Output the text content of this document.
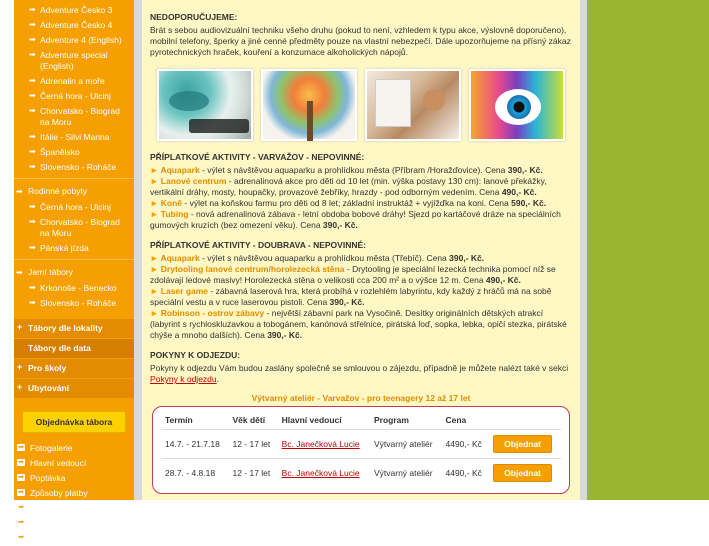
➡ Adventure Česko 3
➡ Adventure Česko 4
➡ Adventure 4 (English)
➡ Adventure special (English)
➡ Adrenalin a moře
➡ Černá hora - Ulcinj
➡ Chorvatsko - Biograd na Moru
➡ Itálie - Silvi Marina
➡ Španělsko
➡ Slovensko - Roháče
➡ Rodinné pobyty
➡ Černá hora - Ulcinj
➡ Chorvatsko - Biograd na Moru
➡ Pánská jízda
➡ Jarní tábory
➡ Krkonoše - Benecko
➡ Slovensko - Roháče
+ Tábory dle lokality
Tábory dle data
+ Pro školy
+ Ubytování
Objednávka tábora
➡ Fotogalerie
➡ Hlavní vedoucí
➡ Poptávka
➡ Způsoby platby
➡ Ke stažení
➡ Odjezdy
➡ Pokyny k odjezdu
NEDOPORUČUJEME:

Brát s sebou audiovizuální techniku všeho druhu (pokud to není, vzhledem k typu akce, výslovně doporučeno), mobilní telefony, šperky a jiné cenné předměty pouze na vlastní nebezpečí. Dále upozorňujeme na přísný zákaz pyrotechnických hraček, kouření a konzumace alkoholických nápojů.

PŘÍPLATKOVÉ AKTIVITY - VARVAŽOV - NEPOVINNÉ:
► Aquapark - výlet s návštěvou aquaparku a prohlídkou města (Příbram /Horažďovice). Cena 390,- Kč.
► Lanové centrum - adrenalinová akce pro děti od 10 let (min. výška postavy 130 cm): lanové překážky, vertikální dráhy, mosty, houpačky, provazové žebříky, hrazdy - pod odborným vedením. Cena 490,- Kč.
► Koně - výlet na koňskou farmu pro děti od 8 let; základní instruktáž + vyjížďka na koni. Cena 590,- Kč.
► Tubing - nová adrenalinová zábava - letní obdoba bobové dráhy! Sjezd po kartáčové dráze na speciálních gumových kruzích (bez omezení věku). Cena 390,- Kč.
PŘÍPLATKOVÉ AKTIVITY - DOUBRAVA - NEPOVINNÉ:
► Aquapark - výlet s návštěvou aquaparku a prohlídkou města (Třebíč). Cena 390,- Kč.
► Drytooling lanové centrum/horolezecká stěna - Drytooling je speciální lezecká technika pomocí níž se zdolávají ledové masivy! Horolezecká stěna o velikosti cca 200 m² a o výšce 12 m. Cena 490,- Kč.
► Laser game - zábavná laserová hra, která probíhá v rozlehlém labyrintu, kdy každý z hráčů má na sobě speciální vestu a v ruce laserovou pistoli. Cena 390,- Kč.
► Robinson - ostrov zábavy - největší zábavní park na Vysočině. Desítky originálních dětských atrakcí (labyrint s rychloskluzavkou a tobogánem, kanónová střelnice, pirátská loď, sopka, lebka, opičí stezka, pirátské chýše a mnoho dalších). Cena 390,- Kč.
POKYNY K ODJEZDU:

Pokyny k odjezdu Vám budou zaslány společně se smlouvou o zájezdu, případně je můžete nalézt také v sekci Pokyny k odjezdu.

Výtvarný ateliér - Varvažov - pro teenagery 12 až 17 let
Termín	Věk dětí	Hlavní vedoucí	Program	Cena	
14.7. - 21.7.18	12 - 17 let	Bc. Janečková Lucie	Výtvarný ateliér	4490,- Kč	Objednat
28.7. - 4.8.18	12 - 17 let	Bc. Janečková Lucie	Výtvarný ateliér	4490,- Kč	Objednat
